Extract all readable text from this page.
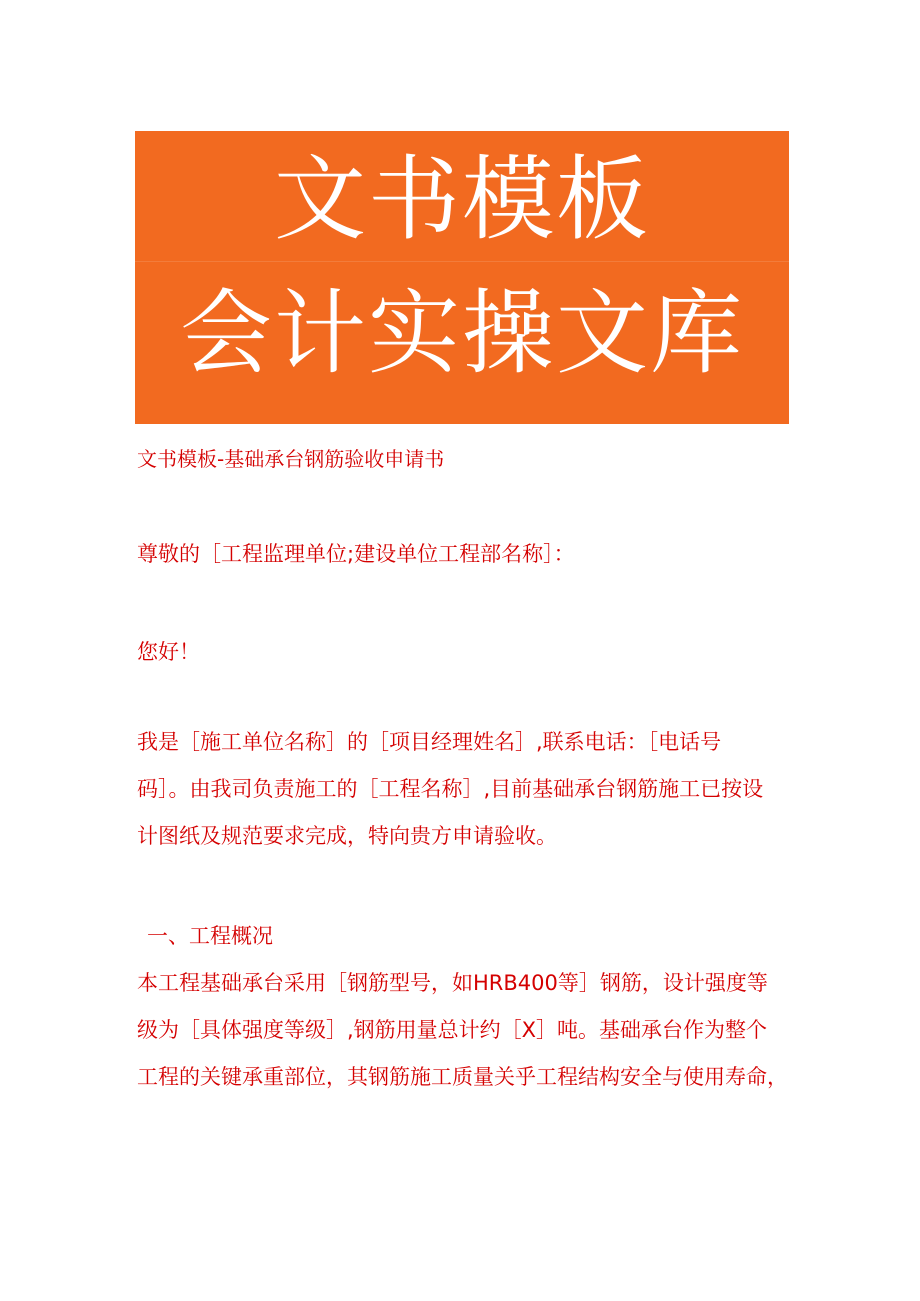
文书模板
会计实操文库
文书模板-基础承台钢筋验收申请书
尊敬的［工程监理单位;建设单位工程部名称］：
您好！
我是［施工单位名称］的［项目经理姓名］,联系电话：［电话号
码］。由我司负责施工的［工程名称］,目前基础承台钢筋施工已按设
计图纸及规范要求完成，特向贵方申请验收。
一、工程概况
本工程基础承台采用［钢筋型号，如HRB400等］钢筋，设计强度等
级为［具体强度等级］,钢筋用量总计约［X］吨。基础承台作为整个
工程的关键承重部位，其钢筋施工质量关乎工程结构安全与使用寿命，
